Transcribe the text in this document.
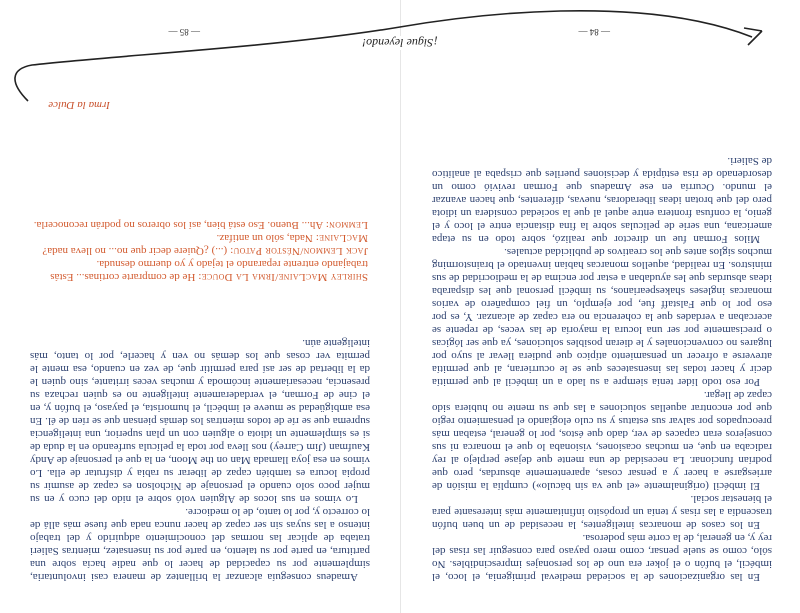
En las organizaciones de la sociedad medieval primigenia, el loco, el imbécil, el bufón o el joker era uno de los personajes imprescindibles. No sólo, como se suele pensar, como mero payaso para conseguir las risas del rey y, en general, de la corte más poderosa.

En los casos de monarcas inteligentes, la necesidad de un buen bufón trascendía a las risas y tenía un propósito infinitamente más interesante para el bienestar social.

El imbécil (originalmente «el que va sin báculo») cumplía la misión de arriesgarse a hacer y a pensar cosas, aparentemente absurdas, pero que podrían funcionar. La necesidad de una mente que dejase perplejo al rey radicaba en que, en muchas ocasiones, visionaba lo que el monarca ni sus consejeros eran capaces de ver, dado que éstos, por lo general, estaban más preocupados por salvar sus estatus y su culo elogiando el pensamiento regio que por encontrar aquellas soluciones a las que su mente no hubiera sido capaz de llegar.

Por eso todo líder tenía siempre a su lado a un imbécil al que permitía decir y hacer todas las insensateces que se le ocurrieran, al que permitía atreverse a ofrecer un pensamiento atípico que pudiera llevar al suyo por lugares no convencionales y le dieran posibles soluciones, ya que ser lógicas o precisamente por ser una locura la mayoría de las veces, de repente se acercaban a verdades que la coherencia no era capaz de alcanzar. Y, es por eso por lo que Falstaff fue, por ejemplo, un fiel compañero de varios monarcas ingleses shakespearianos, su imbécil personal que les disparaba ideas absurdas que les ayudaban a estar por encima de la mediocridad de sus ministros. En realidad, aquellos monarcas habían inventado el brainstorming muchos siglos antes que los creativos de publicidad actuales.

Milos Forman fue un director que realizó, sobre todo en su etapa americana, una serie de películas sobre la fina distancia entre el loco y el genio, la confusa frontera entre aquel al que la sociedad considera un idiota pero del que brotan ideas liberadoras, nuevas, diferentes, que hacen avanzar el mundo. Ocurría en ese Amadeus que Forman revivió como un desordenado de risa estúpida y decisiones pueriles que crispaba al analítico de Salieri.

— 84 —

Amadeus conseguía alcanzar la brillantez de manera casi involuntaria, simplemente por su capacidad de hacer lo que nadie hacía sobre una partitura, en parte por su talento, en parte por su insensatez, mientras Salieri trataba de aplicar las normas del conocimiento adquirido y del trabajo intenso a las suyas sin ser capaz de hacer nunca nada que fuese más allá de lo correcto y, por lo tanto, de lo mediocre.

Lo vimos en sus locos de Alguien voló sobre el nido del cuco y en su mujer poco solo cuando el personaje de Nicholson es capaz de asumir su propia locura es también capaz de liberar su rabia y disfrutar de ella. Lo vimos en esa joya llamada Man on the Moon, en la que el personaje de Andy Kaufman (Jim Carrey) nos lleva por toda la película surfeando en la duda de si es simplemente un idiota o alguien con un plan superior, una inteligencia suprema que se ríe de todos mientras los demás piensan que se ríen de él. En esa ambigüedad se mueve el imbécil, el humorista, el payaso, el bufón y, en el cine de Forman, el verdaderamente inteligente no es quien rechaza su presencia, necesariamente incómoda y muchas veces irritante, sino quien le da la libertad de ser así para permitir que, de vez en cuando, esa mente le permita ver cosas que los demás no ven y hacerle, por lo tanto, más inteligente aún.

Shirley MacLaine/Irma La Douce: He de comprarte cortinas... Estás trabajando entrente reparando el tejado y yo duermo desnuda.

Jack Lemmon/Néstor Patou: (...) ¿Quiere decir que no... no lleva nada?

MacLaine: Nada, sólo un antifaz.

Lemmon: Ah... Bueno. Eso está bien, así los obreros no podrán reconocerla.

Irma la Dulce
— 85 —
¡Sigue leyendo!
